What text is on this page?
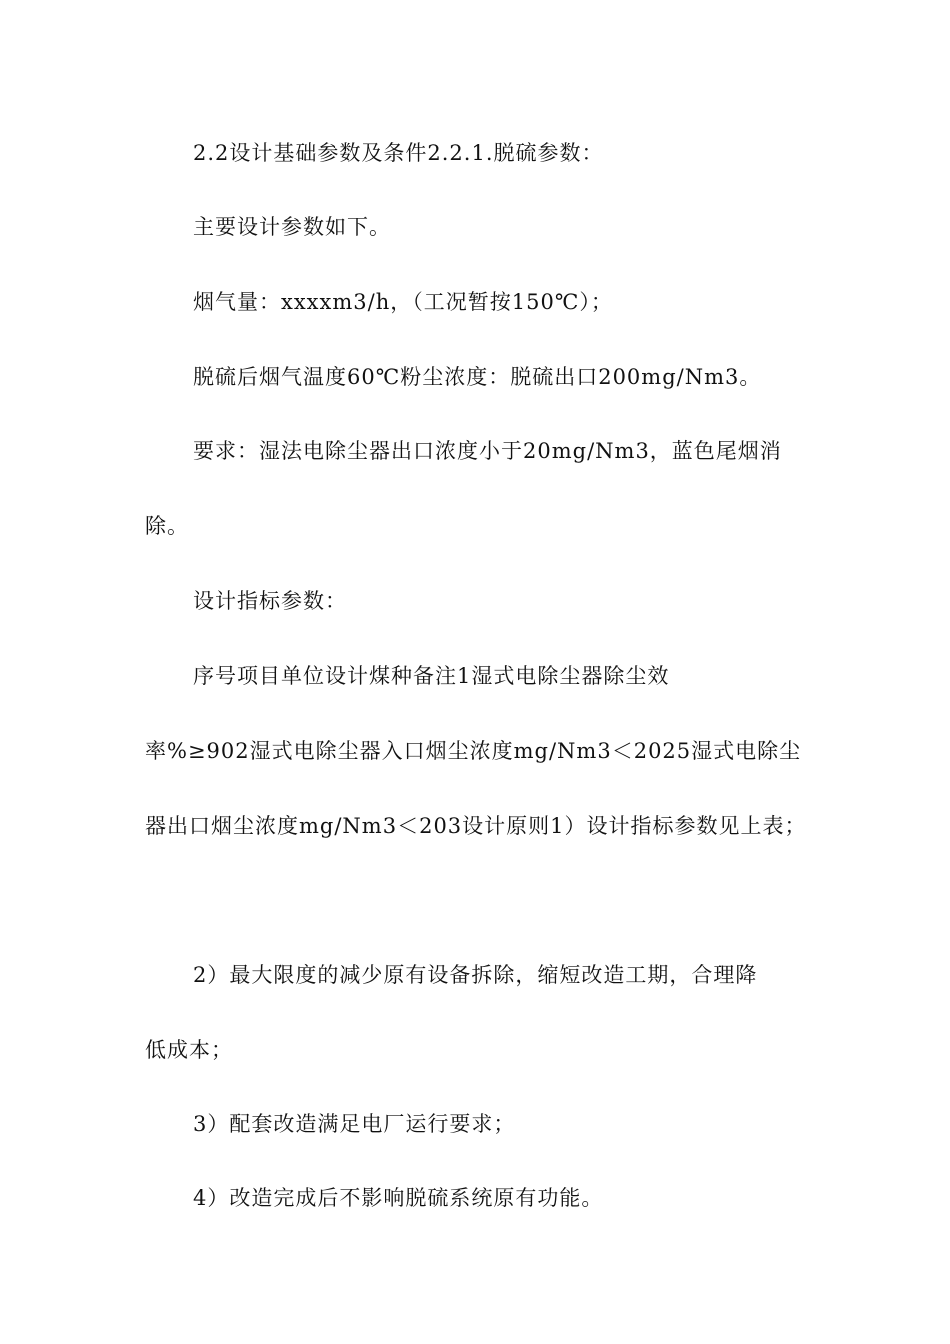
2.2设计基础参数及条件2.2.1.脱硫参数：
主要设计参数如下。
烟气量：xxxxm3/h，（工况暂按150℃）；
脱硫后烟气温度60℃粉尘浓度：脱硫出口200mg/Nm3。
要求：湿法电除尘器出口浓度小于20mg/Nm3，蓝色尾烟消
除。
设计指标参数：
序号项目单位设计煤种备注1湿式电除尘器除尘效
率%≥902湿式电除尘器入口烟尘浓度mg/Nm3＜2025湿式电除尘
器出口烟尘浓度mg/Nm3＜203设计原则1）设计指标参数见上表；
2）最大限度的减少原有设备拆除，缩短改造工期，合理降
低成本；
3）配套改造满足电厂运行要求；
4）改造完成后不影响脱硫系统原有功能。
